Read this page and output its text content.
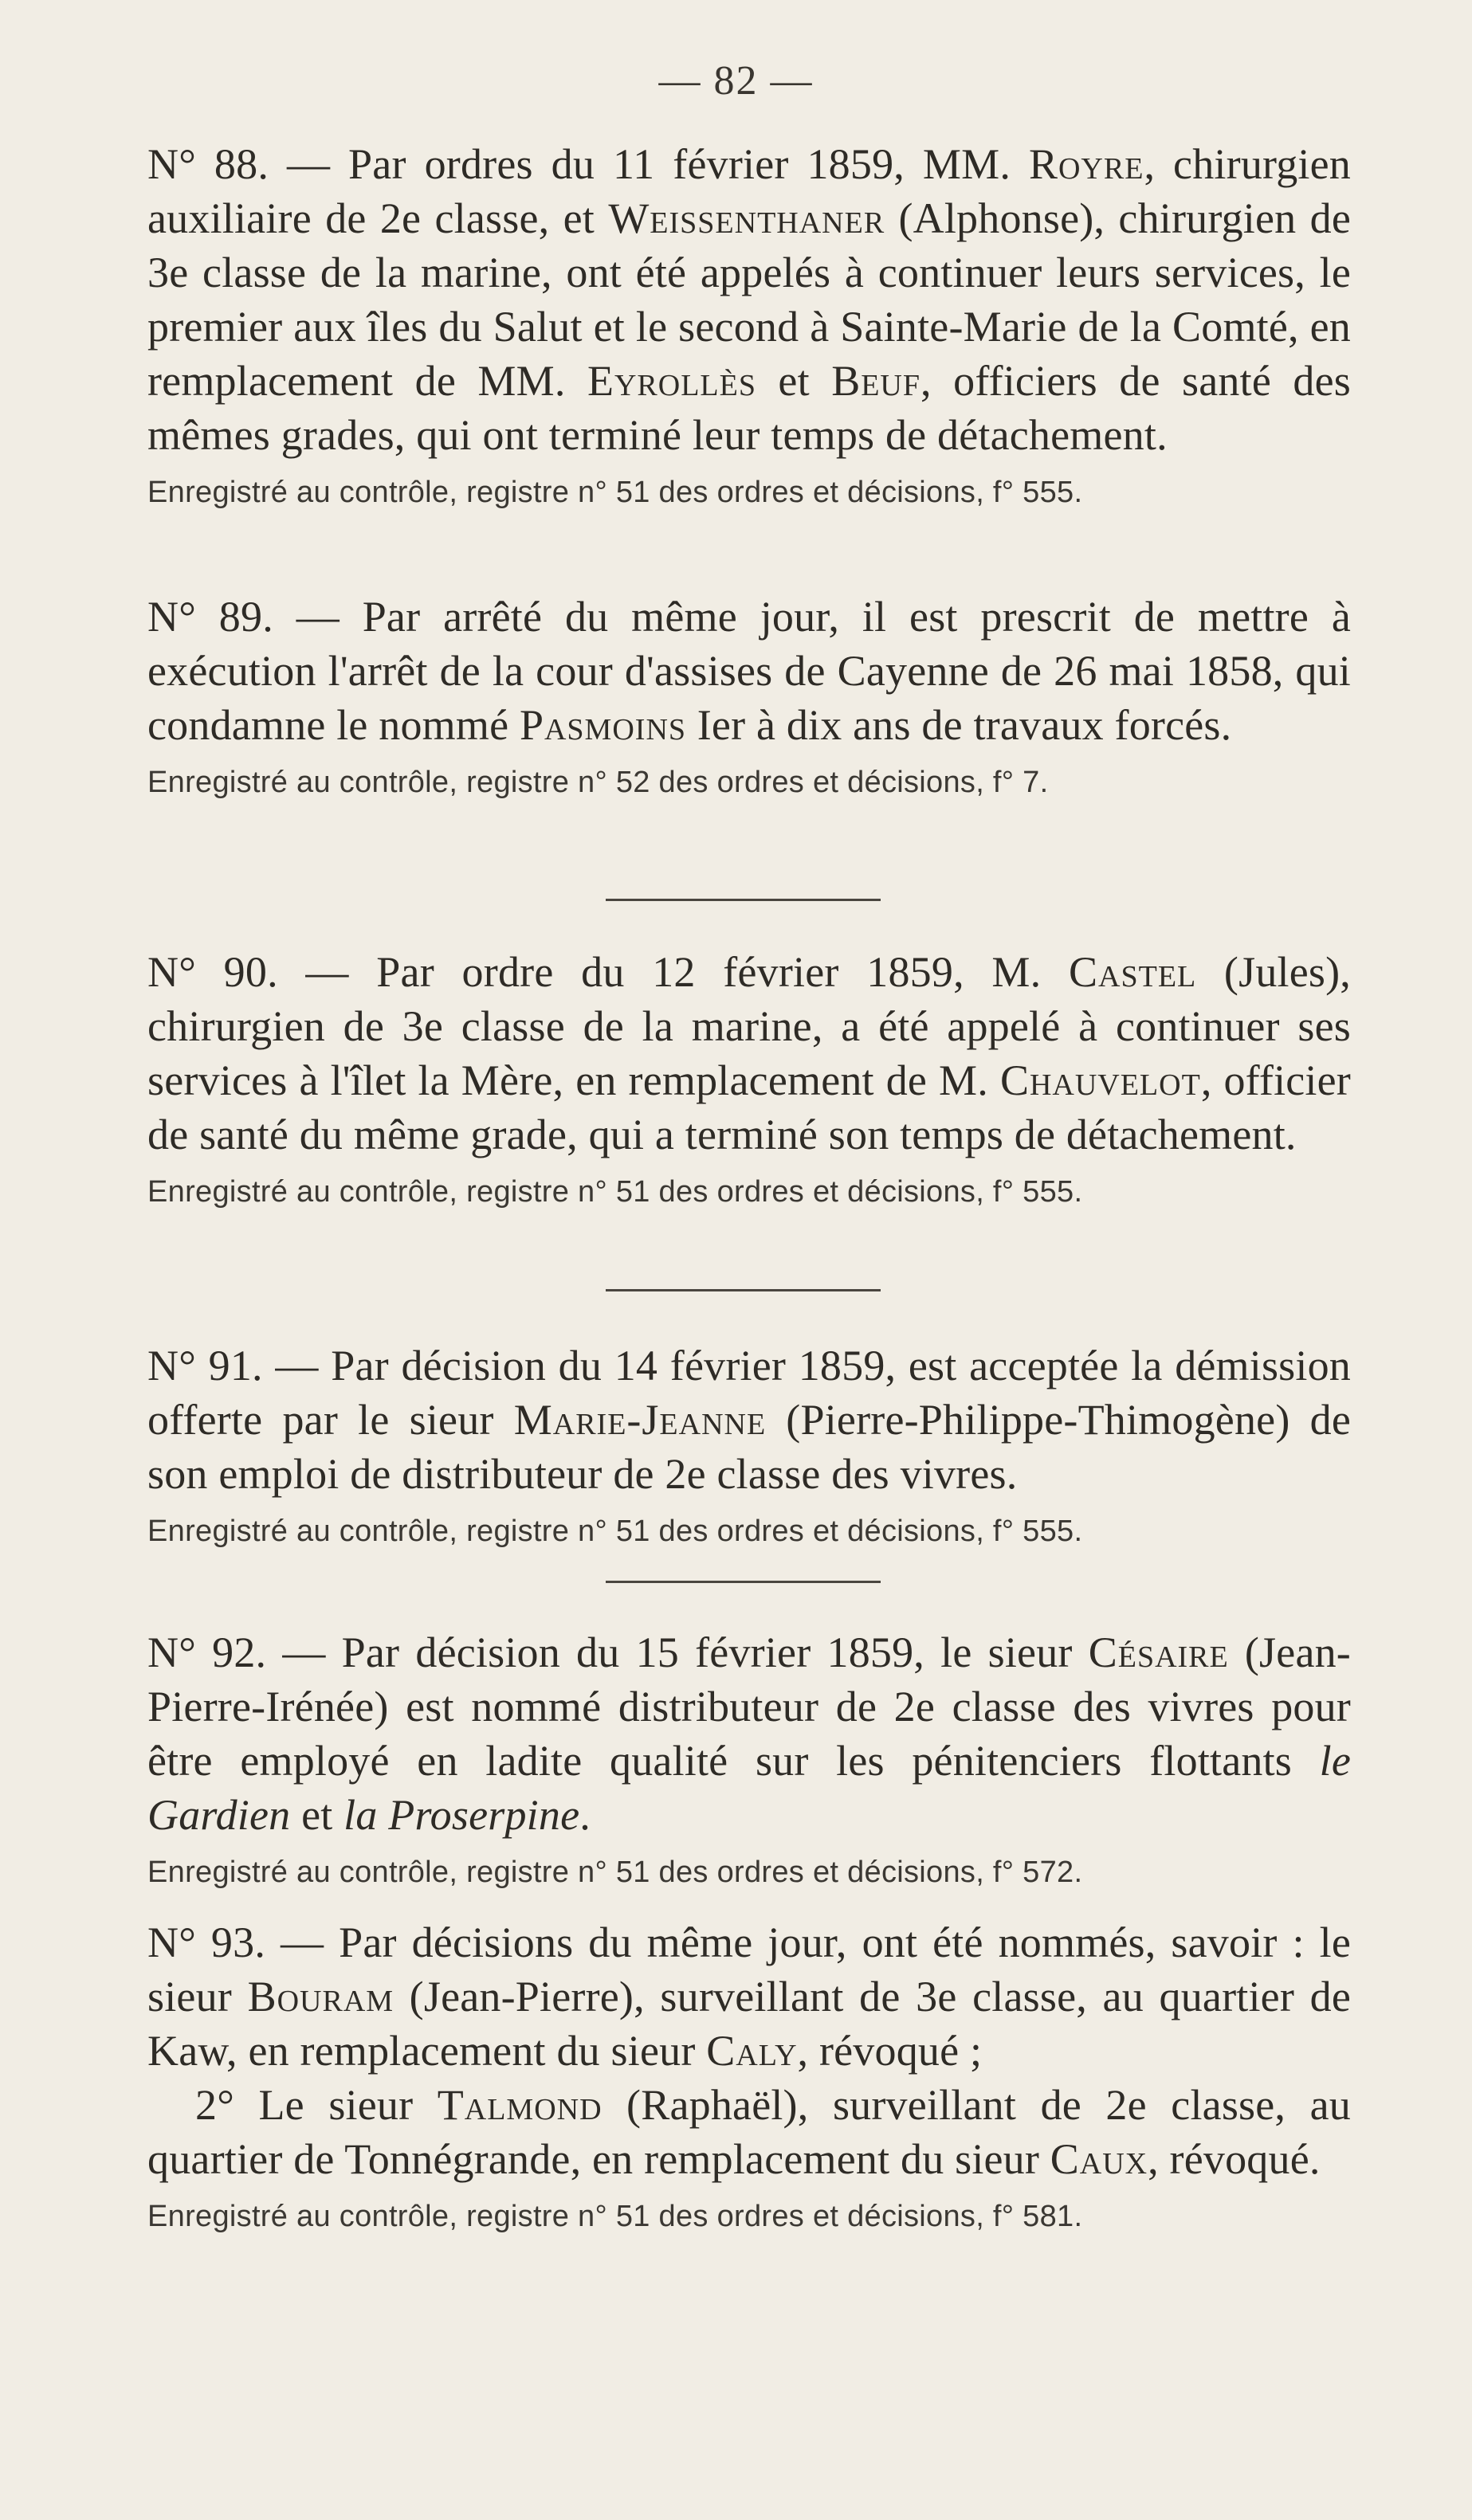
— 82 —

N° 88. — Par ordres du 11 février 1859, MM. Royre, chirurgien auxiliaire de 2e classe, et Weissenthaner (Alphonse), chirurgien de 3e classe de la marine, ont été appelés à continuer leurs services, le premier aux îles du Salut et le second à Sainte-Marie de la Comté, en remplacement de MM. Eyrollès et Beuf, officiers de santé des mêmes grades, qui ont terminé leur temps de détachement.

Enregistré au contrôle, registre n° 51 des ordres et décisions, f° 555.

N° 89. — Par arrêté du même jour, il est prescrit de mettre à exécution l'arrêt de la cour d'assises de Cayenne de 26 mai 1858, qui condamne le nommé Pasmoins Ier à dix ans de travaux forcés.

Enregistré au contrôle, registre n° 52 des ordres et décisions, f° 7.

N° 90. — Par ordre du 12 février 1859, M. Castel (Jules), chirurgien de 3e classe de la marine, a été appelé à continuer ses services à l'îlet la Mère, en remplacement de M. Chauvelot, officier de santé du même grade, qui a terminé son temps de détachement.

Enregistré au contrôle, registre n° 51 des ordres et décisions, f° 555.

N° 91. — Par décision du 14 février 1859, est acceptée la démission offerte par le sieur Marie-Jeanne (Pierre-Philippe-Thimogène) de son emploi de distributeur de 2e classe des vivres.

Enregistré au contrôle, registre n° 51 des ordres et décisions, f° 555.

N° 92. — Par décision du 15 février 1859, le sieur Césaire (Jean-Pierre-Irénée) est nommé distributeur de 2e classe des vivres pour être employé en ladite qualité sur les pénitenciers flottants le Gardien et la Proserpine.

Enregistré au contrôle, registre n° 51 des ordres et décisions, f° 572.

N° 93. — Par décisions du même jour, ont été nommés, savoir : le sieur Bouram (Jean-Pierre), surveillant de 3e classe, au quartier de Kaw, en remplacement du sieur Caly, révoqué ;

2° Le sieur Talmond (Raphaël), surveillant de 2e classe, au quartier de Tonnégrande, en remplacement du sieur Caux, révoqué.

Enregistré au contrôle, registre n° 51 des ordres et décisions, f° 581.
